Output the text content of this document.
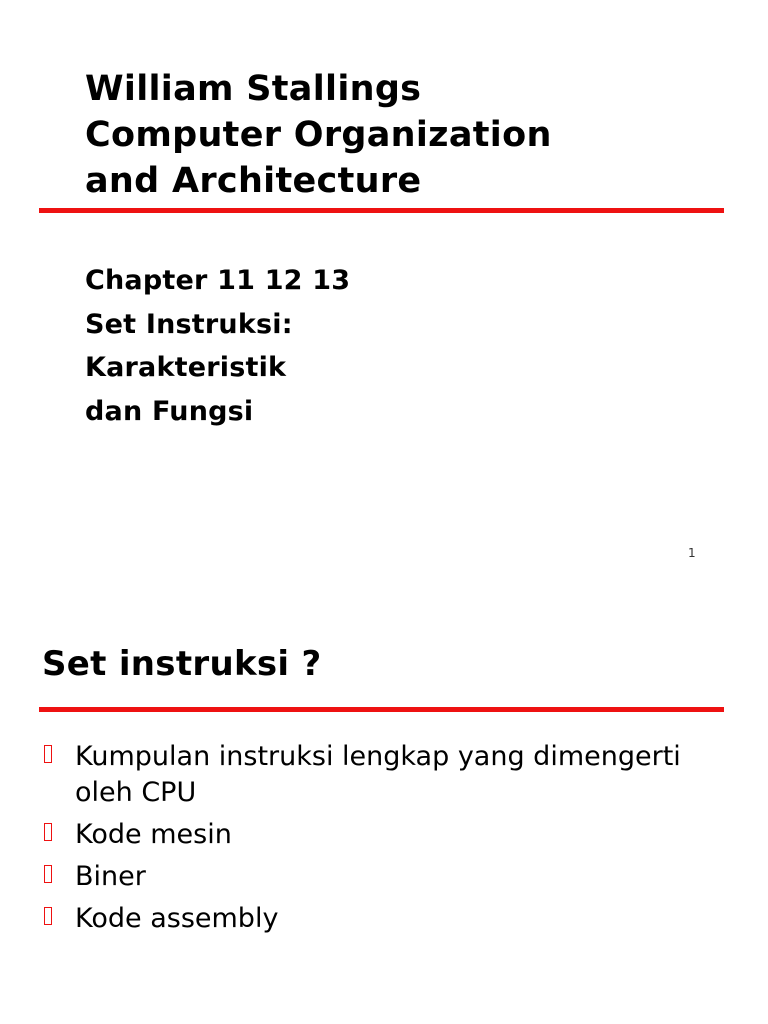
William Stallings
Computer Organization
and Architecture
Chapter 11 12 13
Set Instruksi:
Karakteristik
dan Fungsi
1
Set instruksi ?
Kumpulan instruksi lengkap yang dimengerti oleh CPU
Kode mesin
Biner
Kode assembly
